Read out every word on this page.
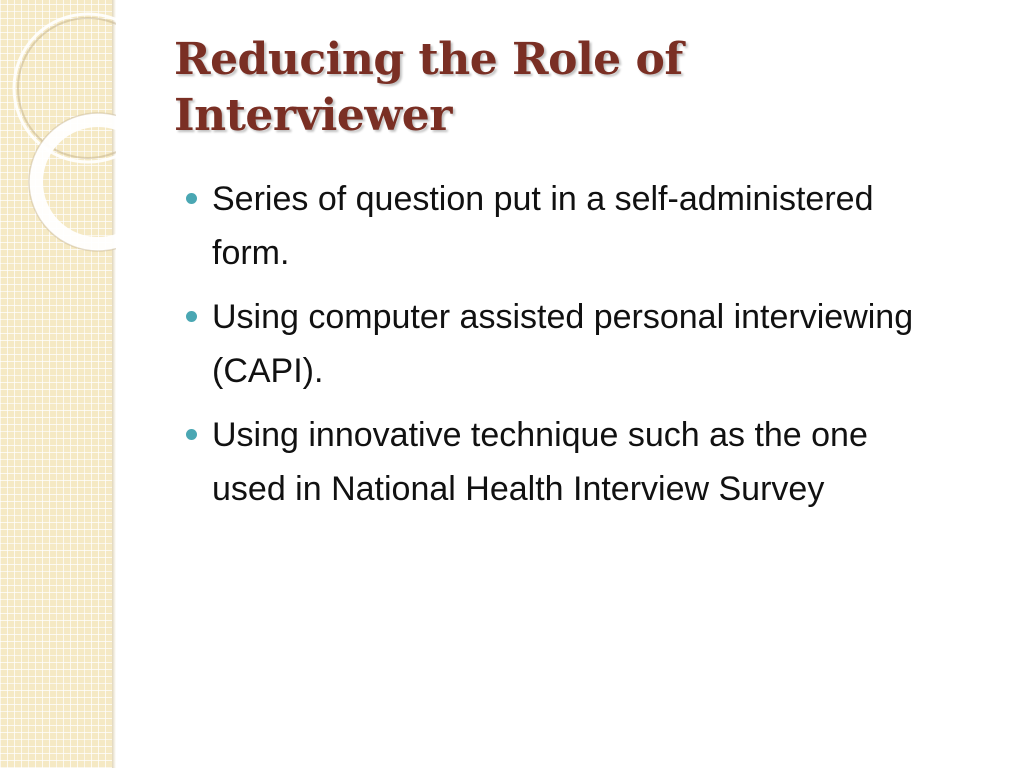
Reducing the Role of Interviewer
Series of question put in a self-administered form.
Using computer assisted personal interviewing (CAPI).
Using innovative technique such as the one used in National Health Interview Survey
